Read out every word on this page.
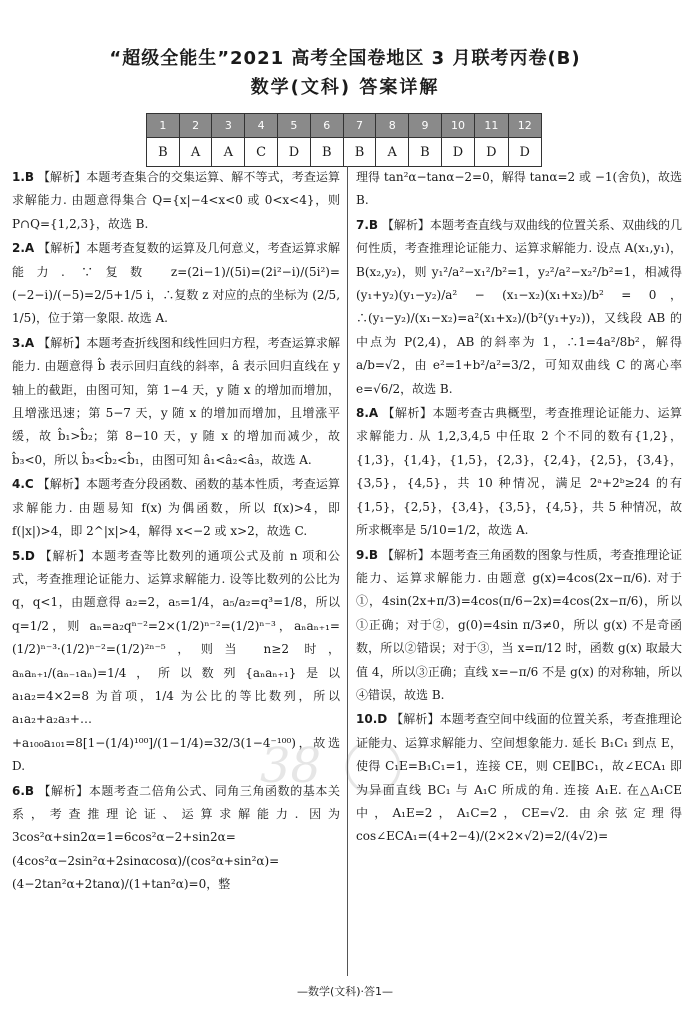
“超级全能生”2021 高考全国卷地区 3 月联考丙卷(B)
数学(文科) 答案详解
1	2	3	4	5	6	7	8	9	10	11	12
B	A	A	C	D	B	B	A	B	D	D	D
1.B 【解析】本题考查集合的交集运算、解不等式，考查运算求解能力. 由题意得集合 Q={x|−4<x<0 或 0<x<4}，则 P∩Q={1,2,3}，故选 B.
2.A 【解析】本题考查复数的运算及几何意义，考查运算求解能力. ∵复数 z=(2i−1)/(5i)=(2i²−i)/(5i²)=(−2−i)/(−5)=2/5+1/5 i，∴复数 z 对应的点的坐标为 (2/5, 1/5)，位于第一象限. 故选 A.
3.A 【解析】本题考查折线图和线性回归方程，考查运算求解能力. 由题意得 b̂ 表示回归直线的斜率，â 表示回归直线在 y 轴上的截距，由图可知，第 1−4 天，y 随 x 的增加而增加，且增涨迅速；第 5−7 天，y 随 x 的增加而增加，且增涨平缓，故 b̂₁>b̂₂；第 8−10 天，y 随 x 的增加而减少，故 b̂₃<0，所以 b̂₃<b̂₂<b̂₁，由图可知 â₁<â₂<â₃，故选 A.
4.C 【解析】本题考查分段函数、函数的基本性质，考查运算求解能力. 由题易知 f(x) 为偶函数，所以 f(x)>4，即 f(|x|)>4，即 2^|x|>4，解得 x<−2 或 x>2，故选 C.
5.D 【解析】本题考查等比数列的通项公式及前 n 项和公式，考查推理论证能力、运算求解能力. 设等比数列的公比为 q，q<1，由题意得 a₂=2，a₅=1/4，a₅/a₂=q³=1/8，所以 q=1/2，则 aₙ=a₂qⁿ⁻²=2×(1/2)ⁿ⁻²=(1/2)ⁿ⁻³，aₙaₙ₊₁=(1/2)ⁿ⁻³·(1/2)ⁿ⁻²=(1/2)²ⁿ⁻⁵，则当 n≥2 时，aₙaₙ₊₁/(aₙ₋₁aₙ)=1/4，所以数列{aₙaₙ₊₁}是以 a₁a₂=4×2=8 为首项，1/4 为公比的等比数列，所以 a₁a₂+a₂a₃+…+a₁₀₀a₁₀₁=8[1−(1/4)¹⁰⁰]/(1−1/4)=32/3(1−4⁻¹⁰⁰)，故选 D.
6.B 【解析】本题考查二倍角公式、同角三角函数的基本关系，考查推理论证、运算求解能力. 因为 3cos²α+sin2α=1=6cos²α−2+sin2α=(4cos²α−2sin²α+2sinαcosα)/(cos²α+sin²α)=(4−2tan²α+2tanα)/(1+tan²α)=0，整
理得 tan²α−tanα−2=0，解得 tanα=2 或 −1(舍负)，故选 B.
7.B 【解析】本题考查直线与双曲线的位置关系、双曲线的几何性质，考查推理论证能力、运算求解能力. 设点 A(x₁,y₁)，B(x₂,y₂)，则 y₁²/a²−x₁²/b²=1，y₂²/a²−x₂²/b²=1，相减得 (y₁+y₂)(y₁−y₂)/a² − (x₁−x₂)(x₁+x₂)/b² = 0，∴(y₁−y₂)/(x₁−x₂)=a²(x₁+x₂)/(b²(y₁+y₂))，又线段 AB 的中点为 P(2,4)，AB 的斜率为 1，∴1=4a²/8b²，解得 a/b=√2，由 e²=1+b²/a²=3/2，可知双曲线 C 的离心率 e=√6/2，故选 B.
8.A 【解析】本题考查古典概型，考查推理论证能力、运算求解能力. 从 1,2,3,4,5 中任取 2 个不同的数有{1,2}，{1,3}，{1,4}，{1,5}，{2,3}，{2,4}，{2,5}，{3,4}，{3,5}，{4,5}，共 10 种情况，满足 2ᵃ+2ᵇ≥24 的有{1,5}，{2,5}，{3,4}，{3,5}，{4,5}，共 5 种情况，故所求概率是 5/10=1/2，故选 A.
9.B 【解析】本题考查三角函数的图象与性质，考查推理论证能力、运算求解能力. 由题意 g(x)=4cos(2x−π/6). 对于①，4sin(2x+π/3)=4cos(π/6−2x)=4cos(2x−π/6)，所以①正确；对于②，g(0)=4sin π/3≠0，所以 g(x) 不是奇函数，所以②错误；对于③，当 x=π/12 时，函数 g(x) 取最大值 4，所以③正确；直线 x=−π/6 不是 g(x) 的对称轴，所以④错误，故选 B.
10.D 【解析】本题考查空间中线面的位置关系，考查推理论证能力、运算求解能力、空间想象能力. 延长 B₁C₁ 到点 E，使得 C₁E=B₁C₁=1，连接 CE，则 CE∥BC₁，故∠ECA₁ 即为异面直线 BC₁ 与 A₁C 所成的角. 连接 A₁E. 在△A₁CE 中，A₁E=2，A₁C=2，CE=√2. 由余弦定理得 cos∠ECA₁=(4+2−4)/(2×2×√2)=2/(4√2)=
38
—数学(文科)·答1—
